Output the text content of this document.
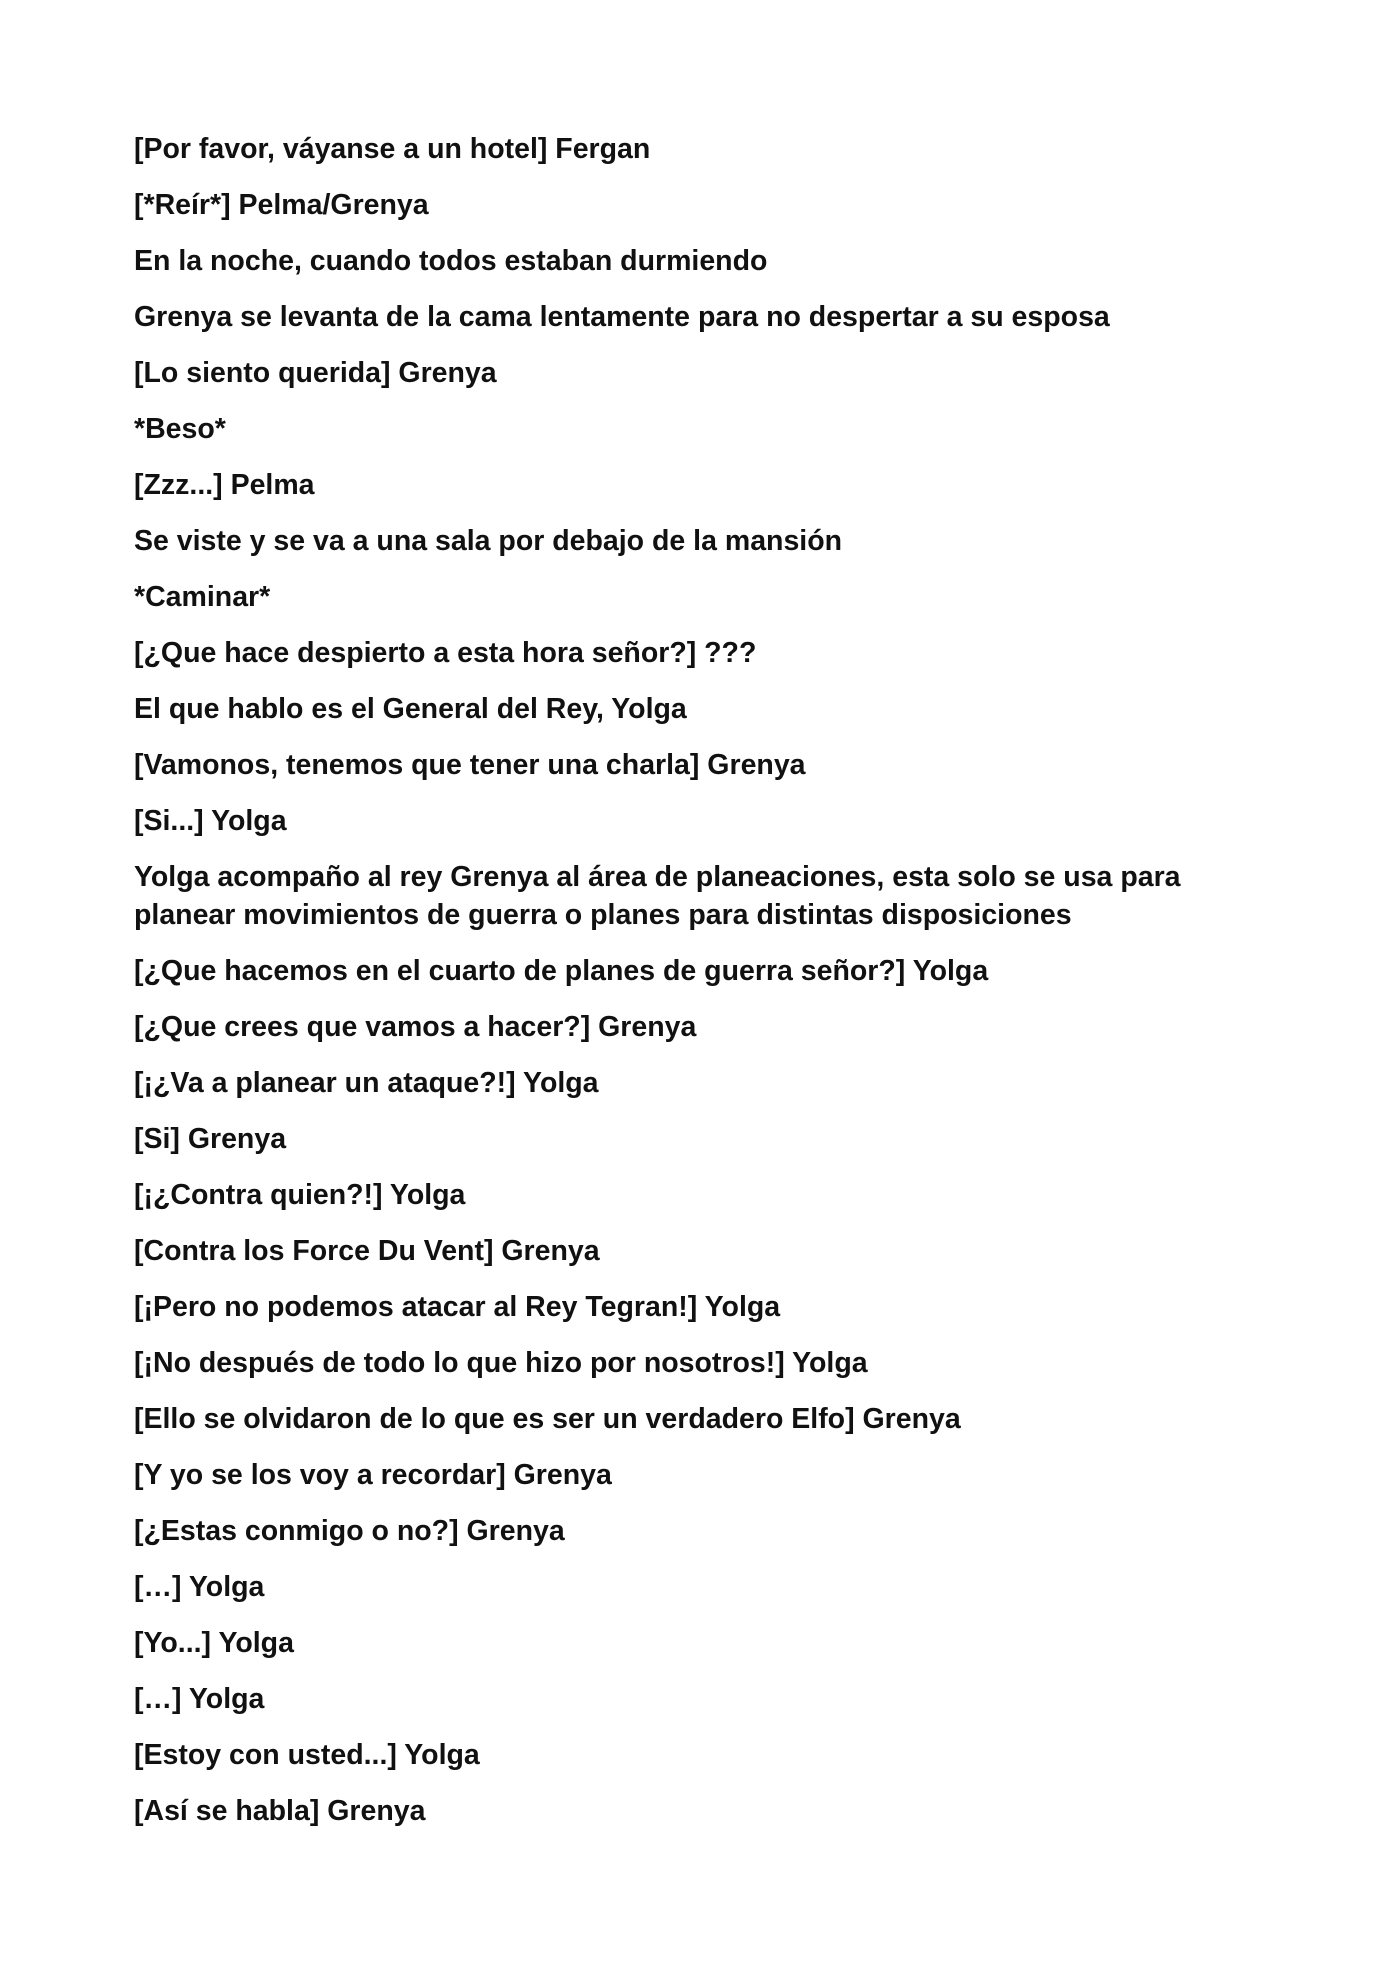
[Por favor, váyanse a un hotel] Fergan

[*Reír*] Pelma/Grenya

En la noche, cuando todos estaban durmiendo

Grenya se levanta de la cama lentamente para no despertar a su esposa

[Lo siento querida] Grenya

*Beso*

[Zzz...] Pelma

Se viste y se va a una sala por debajo de la mansión

*Caminar*

[¿Que hace despierto a esta hora señor?] ???

El que hablo es el General del Rey, Yolga

[Vamonos, tenemos que tener una charla] Grenya

[Si...] Yolga

Yolga acompaño al rey Grenya al área de planeaciones, esta solo se usa para planear movimientos de guerra o planes para distintas disposiciones

[¿Que hacemos en el cuarto de planes de guerra señor?] Yolga

[¿Que crees que vamos a hacer?] Grenya

[¡¿Va a planear un ataque?!] Yolga

[Si] Grenya

[¡¿Contra quien?!] Yolga

[Contra los Force Du Vent] Grenya

[¡Pero no podemos atacar al Rey Tegran!] Yolga

[¡No después de todo lo que hizo por nosotros!] Yolga

[Ello se olvidaron de lo que es ser un verdadero Elfo] Grenya

[Y yo se los voy a recordar] Grenya

[¿Estas conmigo o no?] Grenya

[…] Yolga

[Yo...] Yolga

[…] Yolga

[Estoy con usted...] Yolga

[Así se habla] Grenya
